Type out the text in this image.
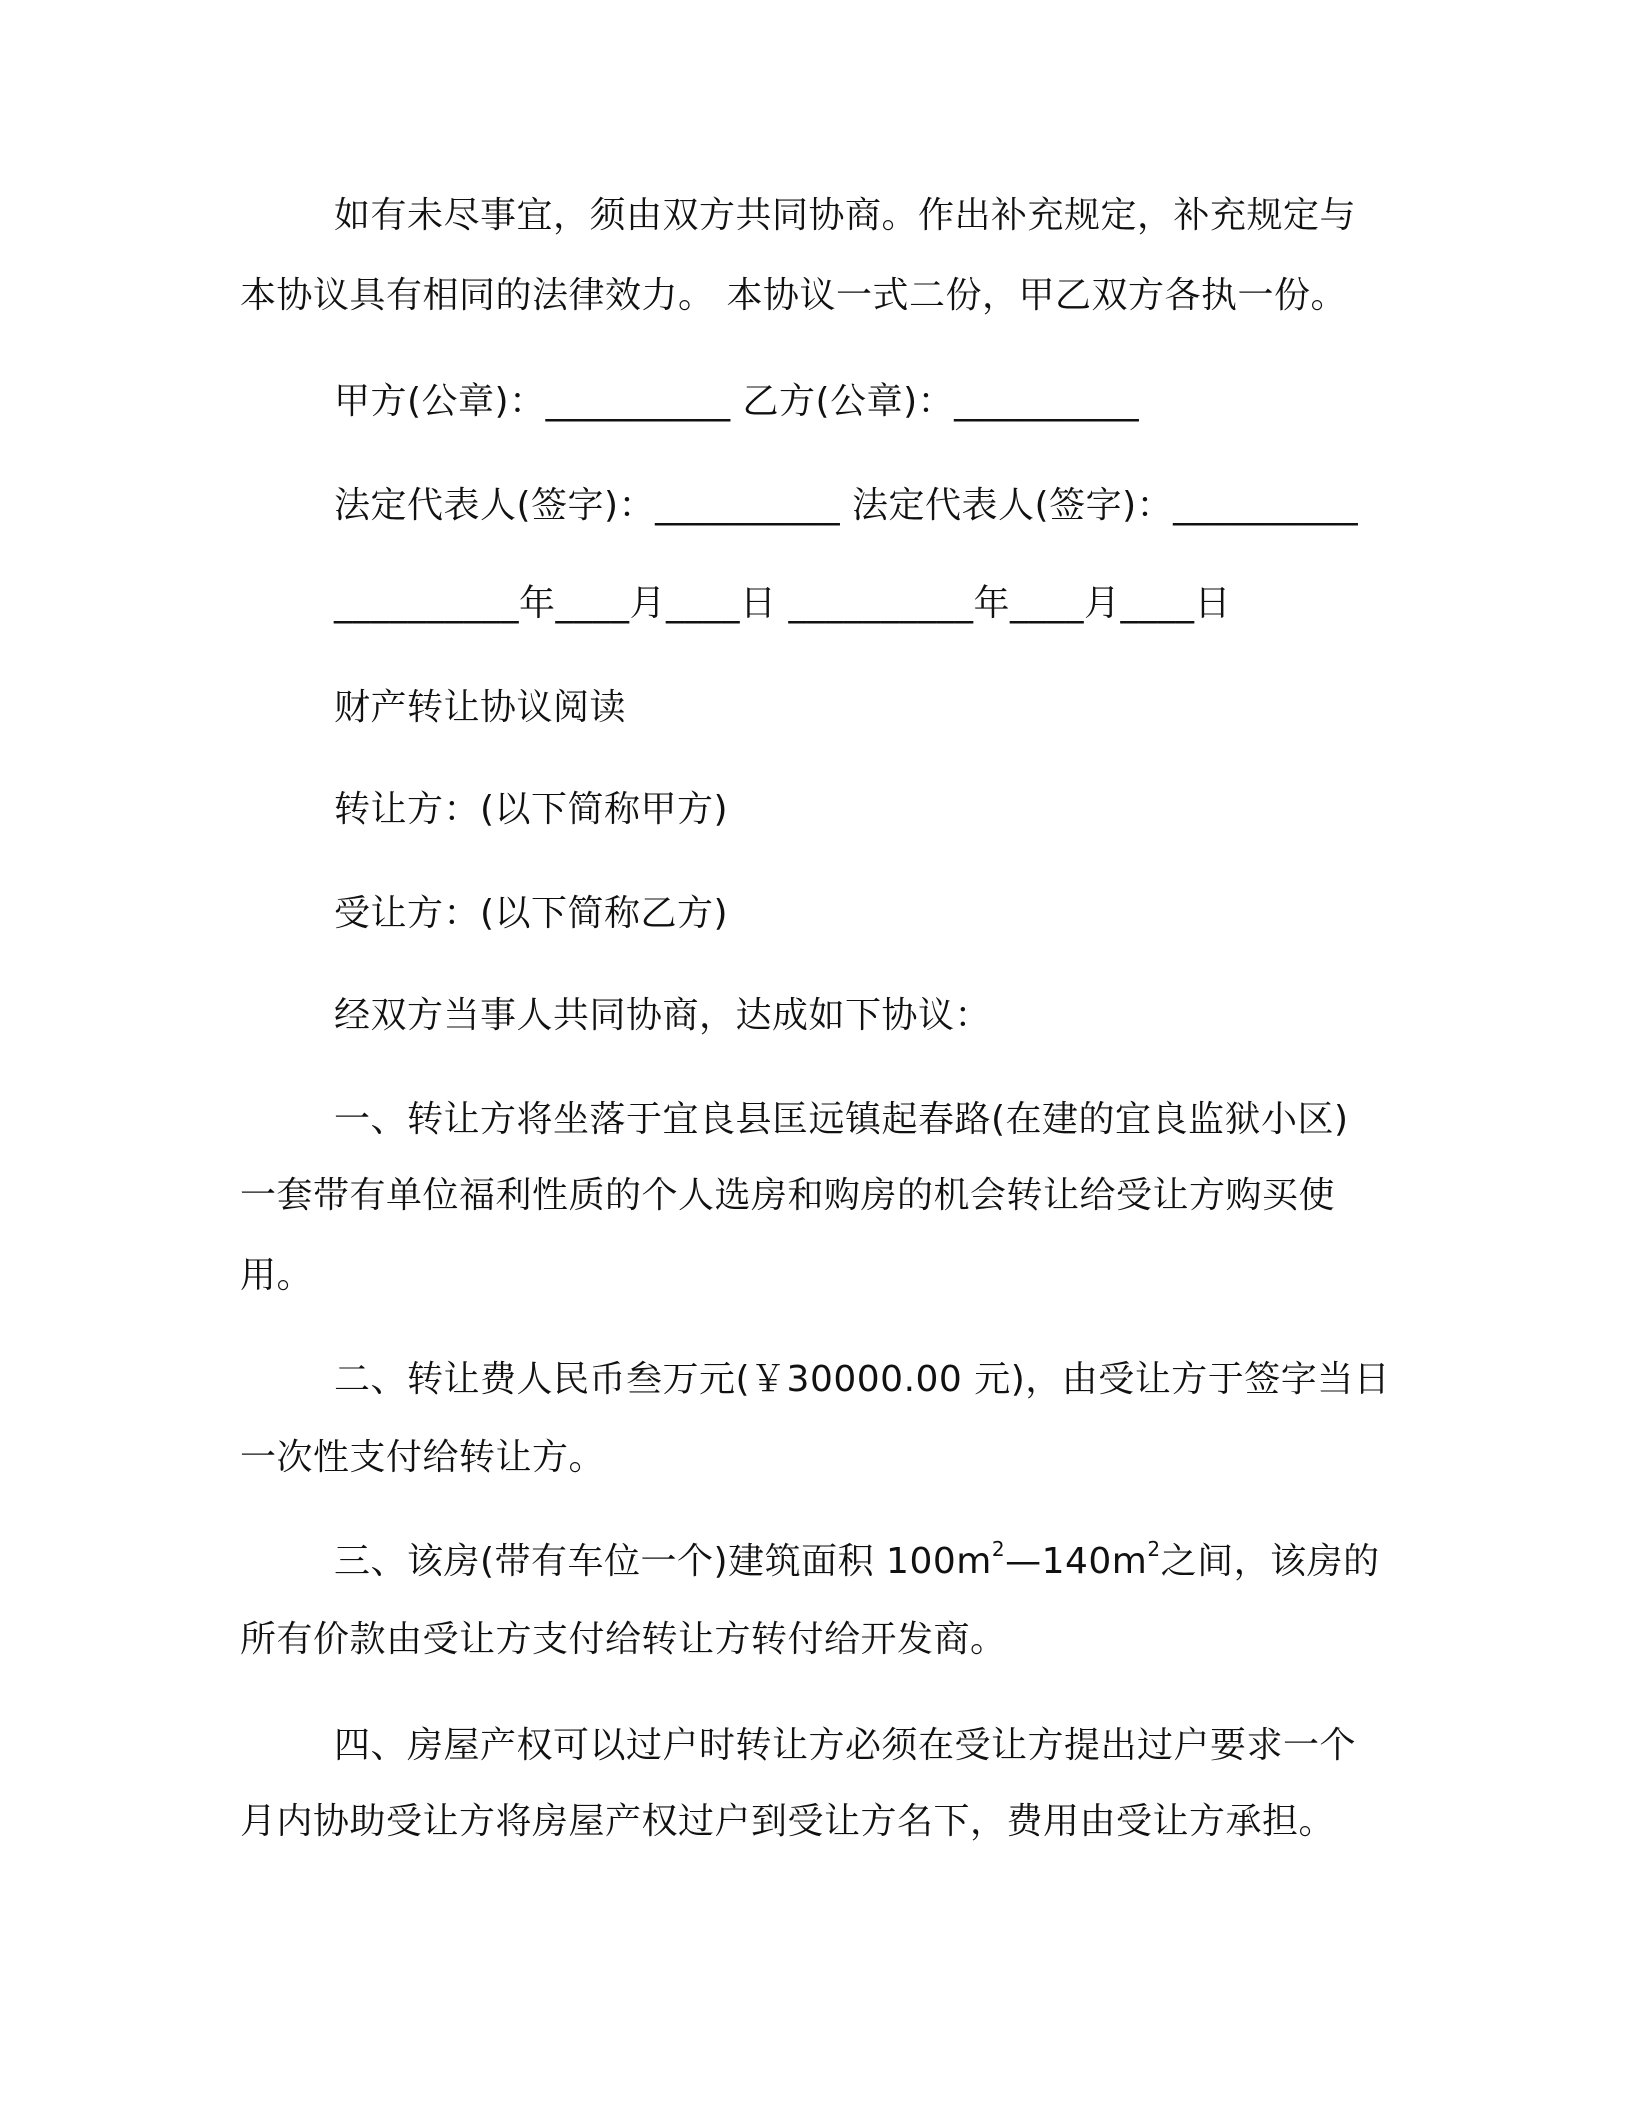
如有未尽事宜，须由双方共同协商。作出补充规定，补充规定与
本协议具有相同的法律效力。 本协议一式二份，甲乙双方各执一份。
甲方(公章)：__________ 乙方(公章)：__________
法定代表人(签字)：__________ 法定代表人(签字)：__________
__________年____月____日 __________年____月____日
财产转让协议阅读
转让方：(以下简称甲方)
受让方：(以下简称乙方)
经双方当事人共同协商，达成如下协议：
一、转让方将坐落于宜良县匡远镇起春路(在建的宜良监狱小区)
一套带有单位福利性质的个人选房和购房的机会转让给受让方购买使
用。
二、转让费人民币叁万元(￥30000.00 元)，由受让方于签字当日
一次性支付给转让方。
三、该房(带有车位一个)建筑面积 $100m^2—140m^2$之间，该房的
所有价款由受让方支付给转让方转付给开发商。
四、房屋产权可以过户时转让方必须在受让方提出过户要求一个
月内协助受让方将房屋产权过户到受让方名下，费用由受让方承担。
